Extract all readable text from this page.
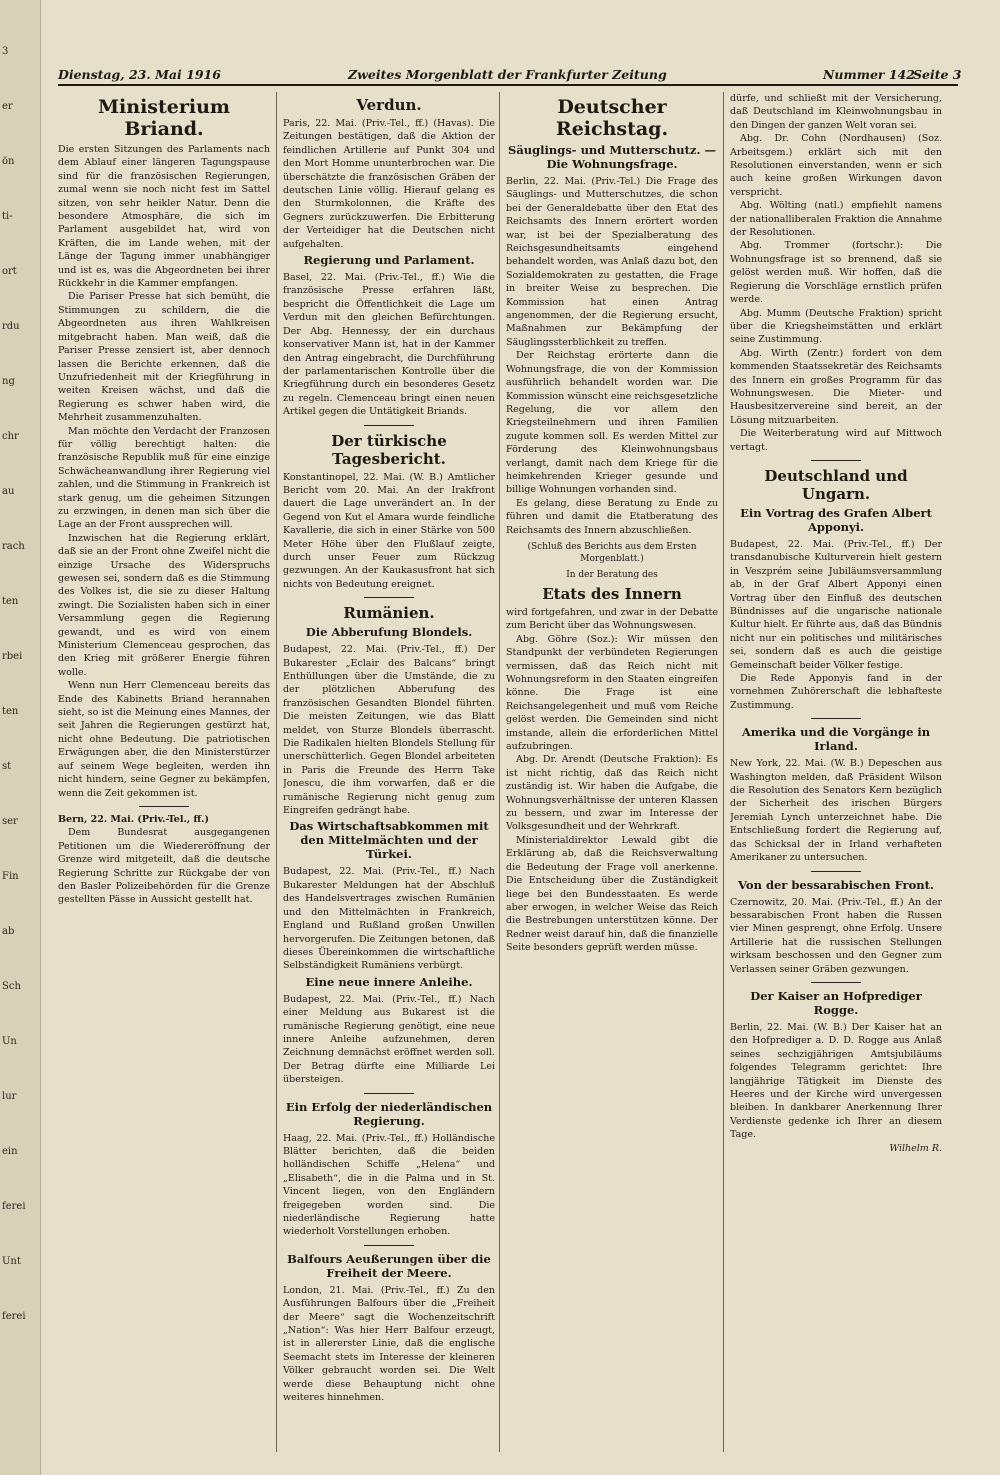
3
er
ön
ti-
ort
rdu
ng
chr
au
rach
ten
rbei
ten
st
ser
Fin
ab
Sch
Un
lur
ein
ferei
Unt
ferei
Dienstag, 23. Mai 1916	Zweites Morgenblatt der Frankfurter Zeitung	Nummer 142
Seite 3
Ministerium Briand.

Die ersten Sitzungen des Parlaments nach dem Ablauf einer längeren Tagungspause sind für die französischen Regierungen, zumal wenn sie noch nicht fest im Sattel sitzen, von sehr heikler Natur. Denn die besondere Atmosphäre, die sich im Parlament ausgebildet hat, wird von Kräften, die im Lande wehen, mit der Länge der Tagung immer unabhängiger und ist es, was die Abgeordneten bei ihrer Rückkehr in die Kammer empfangen.

Die Pariser Presse hat sich bemüht, die Stimmungen zu schildern, die die Abgeordneten aus ihren Wahlkreisen mitgebracht haben. Man weiß, daß die Pariser Presse zensiert ist, aber dennoch lassen die Berichte erkennen, daß die Unzufriedenheit mit der Kriegführung in weiten Kreisen wächst, und daß die Regierung es schwer haben wird, die Mehrheit zusammenzuhalten.

Man möchte den Verdacht der Franzosen für völlig berechtigt halten: die französische Republik muß für eine einzige Schwächeanwandlung ihrer Regierung viel zahlen, und die Stimmung in Frankreich ist stark genug, um die geheimen Sitzungen zu erzwingen, in denen man sich über die Lage an der Front aussprechen will.

Inzwischen hat die Regierung erklärt, daß sie an der Front ohne Zweifel nicht die einzige Ursache des Widerspruchs gewesen sei, sondern daß es die Stimmung des Volkes ist, die sie zu dieser Haltung zwingt. Die Sozialisten haben sich in einer Versammlung gegen die Regierung gewandt, und es wird von einem Ministerium Clemenceau gesprochen, das den Krieg mit größerer Energie führen wolle.

Wenn nun Herr Clemenceau bereits das Ende des Kabinetts Briand herannahen sieht, so ist die Meinung eines Mannes, der seit Jahren die Regierungen gestürzt hat, nicht ohne Bedeutung. Die patriotischen Erwägungen aber, die den Ministerstürzer auf seinem Wege begleiten, werden ihn nicht hindern, seine Gegner zu bekämpfen, wenn die Zeit gekommen ist.

Bern, 22. Mai. (Priv.-Tel., ff.)

Dem Bundesrat ausgegangenen Petitionen um die Wiedereröffnung der Grenze wird mitgeteilt, daß die deutsche Regierung Schritte zur Rückgabe der von den Basler Polizeibehörden für die Grenze gestellten Pässe in Aussicht gestellt hat.

Verdun.

Paris, 22. Mai. (Priv.-Tel., ff.) (Havas). Die Zeitungen bestätigen, daß die Aktion der feindlichen Artillerie auf Punkt 304 und den Mort Homme ununterbrochen war. Die überschätzte die französischen Gräben der deutschen Linie völlig. Hierauf gelang es den Sturmkolonnen, die Kräfte des Gegners zurückzuwerfen. Die Erbitterung der Verteidiger hat die Deutschen nicht aufgehalten.

Regierung und Parlament.

Basel, 22. Mai. (Priv.-Tel., ff.) Wie die französische Presse erfahren läßt, bespricht die Öffentlichkeit die Lage um Verdun mit den gleichen Befürchtungen. Der Abg. Hennessy, der ein durchaus konservativer Mann ist, hat in der Kammer den Antrag eingebracht, die Durchführung der parlamentarischen Kontrolle über die Kriegführung durch ein besonderes Gesetz zu regeln. Clemenceau bringt einen neuen Artikel gegen die Untätigkeit Briands.

Der türkische Tagesbericht.

Konstantinopel, 22. Mai. (W. B.) Amtlicher Bericht vom 20. Mai. An der Irakfront dauert die Lage unverändert an. In der Gegend von Kut el Amara wurde feindliche Kavallerie, die sich in einer Stärke von 500 Meter Höhe über den Flußlauf zeigte, durch unser Feuer zum Rückzug gezwungen. An der Kaukasusfront hat sich nichts von Bedeutung ereignet.

Rumänien.
Die Abberufung Blondels.

Budapest, 22. Mai. (Priv.-Tel., ff.) Der Bukarester „Eclair des Balcans“ bringt Enthüllungen über die Umstände, die zu der plötzlichen Abberufung des französischen Gesandten Blondel führten. Die meisten Zeitungen, wie das Blatt meldet, von Sturze Blondels überrascht. Die Radikalen hielten Blondels Stellung für unerschütterlich. Gegen Blondel arbeiteten in Paris die Freunde des Herrn Take Jonescu, die ihm vorwarfen, daß er die rumänische Regierung nicht genug zum Eingreifen gedrängt habe.

Das Wirtschaftsabkommen mit den Mittelmächten und der Türkei.

Budapest, 22. Mai. (Priv.-Tel., ff.) Nach Bukarester Meldungen hat der Abschluß des Handelsvertrages zwischen Rumänien und den Mittelmächten in Frankreich, England und Rußland großen Unwillen hervorgerufen. Die Zeitungen betonen, daß dieses Übereinkommen die wirtschaftliche Selbständigkeit Rumäniens verbürgt.

Eine neue innere Anleihe.

Budapest, 22. Mai. (Priv.-Tel., ff.) Nach einer Meldung aus Bukarest ist die rumänische Regierung genötigt, eine neue innere Anleihe aufzunehmen, deren Zeichnung demnächst eröffnet werden soll. Der Betrag dürfte eine Milliarde Lei übersteigen.

Ein Erfolg der niederländischen Regierung.

Haag, 22. Mai. (Priv.-Tel., ff.) Holländische Blätter berichten, daß die beiden holländischen Schiffe „Helena“ und „Elisabeth“, die in die Palma und in St. Vincent liegen, von den Engländern freigegeben worden sind. Die niederländische Regierung hatte wiederholt Vorstellungen erhoben.

Balfours Aeußerungen über die Freiheit der Meere.

London, 21. Mai. (Priv.-Tel., ff.) Zu den Ausführungen Balfours über die „Freiheit der Meere“ sagt die Wochenzeitschrift „Nation“: Was hier Herr Balfour erzeugt, ist in allererster Linie, daß die englische Seemacht stets im Interesse der kleineren Völker gebraucht worden sei. Die Welt werde diese Behauptung nicht ohne weiteres hinnehmen.

Deutscher Reichstag.
Säuglings- und Mutterschutz. — Die Wohnungsfrage.

Berlin, 22. Mai. (Priv.-Tel.) Die Frage des Säuglings- und Mutterschutzes, die schon bei der Generaldebatte über den Etat des Reichsamts des Innern erörtert worden war, ist bei der Spezialberatung des Reichsgesundheitsamts eingehend behandelt worden, was Anlaß dazu bot, den Sozialdemokraten zu gestatten, die Frage in breiter Weise zu besprechen. Die Kommission hat einen Antrag angenommen, der die Regierung ersucht, Maßnahmen zur Bekämpfung der Säuglingssterblichkeit zu treffen.

Der Reichstag erörterte dann die Wohnungsfrage, die von der Kommission ausführlich behandelt worden war. Die Kommission wünscht eine reichsgesetzliche Regelung, die vor allem den Kriegsteilnehmern und ihren Familien zugute kommen soll. Es werden Mittel zur Förderung des Kleinwohnungsbaus verlangt, damit nach dem Kriege für die heimkehrenden Krieger gesunde und billige Wohnungen vorhanden sind.

Es gelang, diese Beratung zu Ende zu führen und damit die Etatberatung des Reichsamts des Innern abzuschließen.

(Schluß des Berichts aus dem Ersten Morgenblatt.)
In der Beratung des
Etats des Innern

wird fortgefahren, und zwar in der Debatte zum Bericht über das Wohnungswesen.

Abg. Göhre (Soz.): Wir müssen den Standpunkt der verbündeten Regierungen vermissen, daß das Reich nicht mit Wohnungsreform in den Staaten eingreifen könne. Die Frage ist eine Reichsangelegenheit und muß vom Reiche gelöst werden. Die Gemeinden sind nicht imstande, allein die erforderlichen Mittel aufzubringen.

Abg. Dr. Arendt (Deutsche Fraktion): Es ist nicht richtig, daß das Reich nicht zuständig ist. Wir haben die Aufgabe, die Wohnungsverhältnisse der unteren Klassen zu bessern, und zwar im Interesse der Volksgesundheit und der Wehrkraft.

Ministerialdirektor Lewald gibt die Erklärung ab, daß die Reichsverwaltung die Bedeutung der Frage voll anerkenne. Die Entscheidung über die Zuständigkeit liege bei den Bundesstaaten. Es werde aber erwogen, in welcher Weise das Reich die Bestrebungen unterstützen könne. Der Redner weist darauf hin, daß die finanzielle Seite besonders geprüft werden müsse.

dürfe, und schließt mit der Versicherung, daß Deutschland im Kleinwohnungsbau in den Dingen der ganzen Welt voran sei.

Abg. Dr. Cohn (Nordhausen) (Soz. Arbeitsgem.) erklärt sich mit den Resolutionen einverstanden, wenn er sich auch keine großen Wirkungen davon verspricht.

Abg. Wölting (natl.) empfiehlt namens der nationalliberalen Fraktion die Annahme der Resolutionen.

Abg. Trommer (fortschr.): Die Wohnungsfrage ist so brennend, daß sie gelöst werden muß. Wir hoffen, daß die Regierung die Vorschläge ernstlich prüfen werde.

Abg. Mumm (Deutsche Fraktion) spricht über die Kriegsheimstätten und erklärt seine Zustimmung.

Abg. Wirth (Zentr.) fordert von dem kommenden Staatssekretär des Reichsamts des Innern ein großes Programm für das Wohnungswesen. Die Mieter- und Hausbesitzervereine sind bereit, an der Lösung mitzuarbeiten.

Die Weiterberatung wird auf Mittwoch vertagt.

Deutschland und Ungarn.
Ein Vortrag des Grafen Albert Apponyi.

Budapest, 22. Mai. (Priv.-Tel., ff.) Der transdanubische Kulturverein hielt gestern in Veszprém seine Jubiläumsversammlung ab, in der Graf Albert Apponyi einen Vortrag über den Einfluß des deutschen Bündnisses auf die ungarische nationale Kultur hielt. Er führte aus, daß das Bündnis nicht nur ein politisches und militärisches sei, sondern daß es auch die geistige Gemeinschaft beider Völker festige.

Die Rede Apponyis fand in der vornehmen Zuhörerschaft die lebhafteste Zustimmung.

Amerika und die Vorgänge in Irland.

New York, 22. Mai. (W. B.) Depeschen aus Washington melden, daß Präsident Wilson die Resolution des Senators Kern bezüglich der Sicherheit des irischen Bürgers Jeremiah Lynch unterzeichnet habe. Die Entschließung fordert die Regierung auf, das Schicksal der in Irland verhafteten Amerikaner zu untersuchen.

Von der bessarabischen Front.

Czernowitz, 20. Mai. (Priv.-Tel., ff.) An der bessarabischen Front haben die Russen vier Minen gesprengt, ohne Erfolg. Unsere Artillerie hat die russischen Stellungen wirksam beschossen und den Gegner zum Verlassen seiner Gräben gezwungen.

Der Kaiser an Hofprediger Rogge.

Berlin, 22. Mai. (W. B.) Der Kaiser hat an den Hofprediger a. D. D. Rogge aus Anlaß seines sechzigjährigen Amtsjubiläums folgendes Telegramm gerichtet: Ihre langjährige Tätigkeit im Dienste des Heeres und der Kirche wird unvergessen bleiben. In dankbarer Anerkennung Ihrer Verdienste gedenke ich Ihrer an diesem Tage.

Wilhelm R.
